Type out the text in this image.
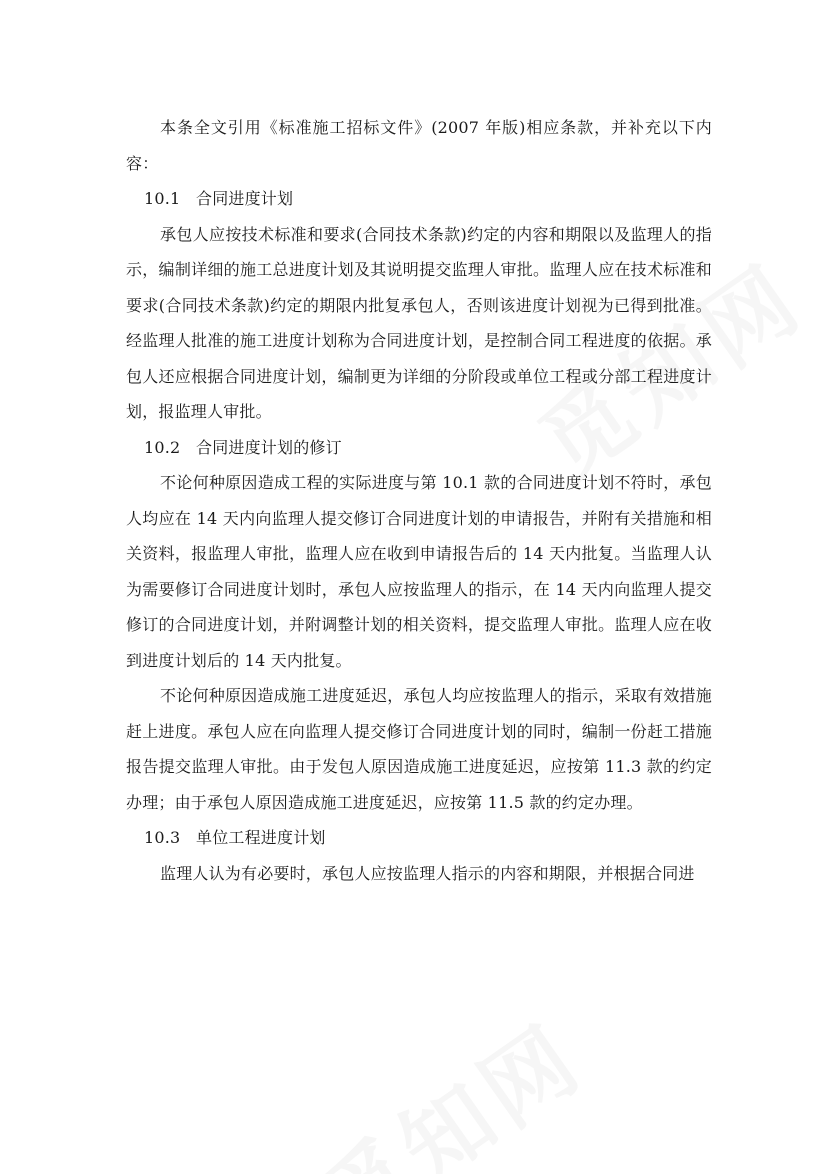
本条全文引用《标准施工招标文件》(2007 年版)相应条款，并补充以下内容：

10.1 合同进度计划

承包人应按技术标准和要求(合同技术条款)约定的内容和期限以及监理人的指示，编制详细的施工总进度计划及其说明提交监理人审批。监理人应在技术标准和要求(合同技术条款)约定的期限内批复承包人，否则该进度计划视为已得到批准。经监理人批准的施工进度计划称为合同进度计划，是控制合同工程进度的依据。承包人还应根据合同进度计划，编制更为详细的分阶段或单位工程或分部工程进度计划，报监理人审批。

10.2 合同进度计划的修订

不论何种原因造成工程的实际进度与第 10.1 款的合同进度计划不符时，承包人均应在 14 天内向监理人提交修订合同进度计划的申请报告，并附有关措施和相关资料，报监理人审批，监理人应在收到申请报告后的 14 天内批复。当监理人认为需要修订合同进度计划时，承包人应按监理人的指示，在 14 天内向监理人提交修订的合同进度计划，并附调整计划的相关资料，提交监理人审批。监理人应在收到进度计划后的 14 天内批复。

不论何种原因造成施工进度延迟，承包人均应按监理人的指示，采取有效措施赶上进度。承包人应在向监理人提交修订合同进度计划的同时，编制一份赶工措施报告提交监理人审批。由于发包人原因造成施工进度延迟，应按第 11.3 款的约定办理；由于承包人原因造成施工进度延迟，应按第 11.5 款的约定办理。

10.3 单位工程进度计划

监理人认为有必要时，承包人应按监理人指示的内容和期限，并根据合同进
